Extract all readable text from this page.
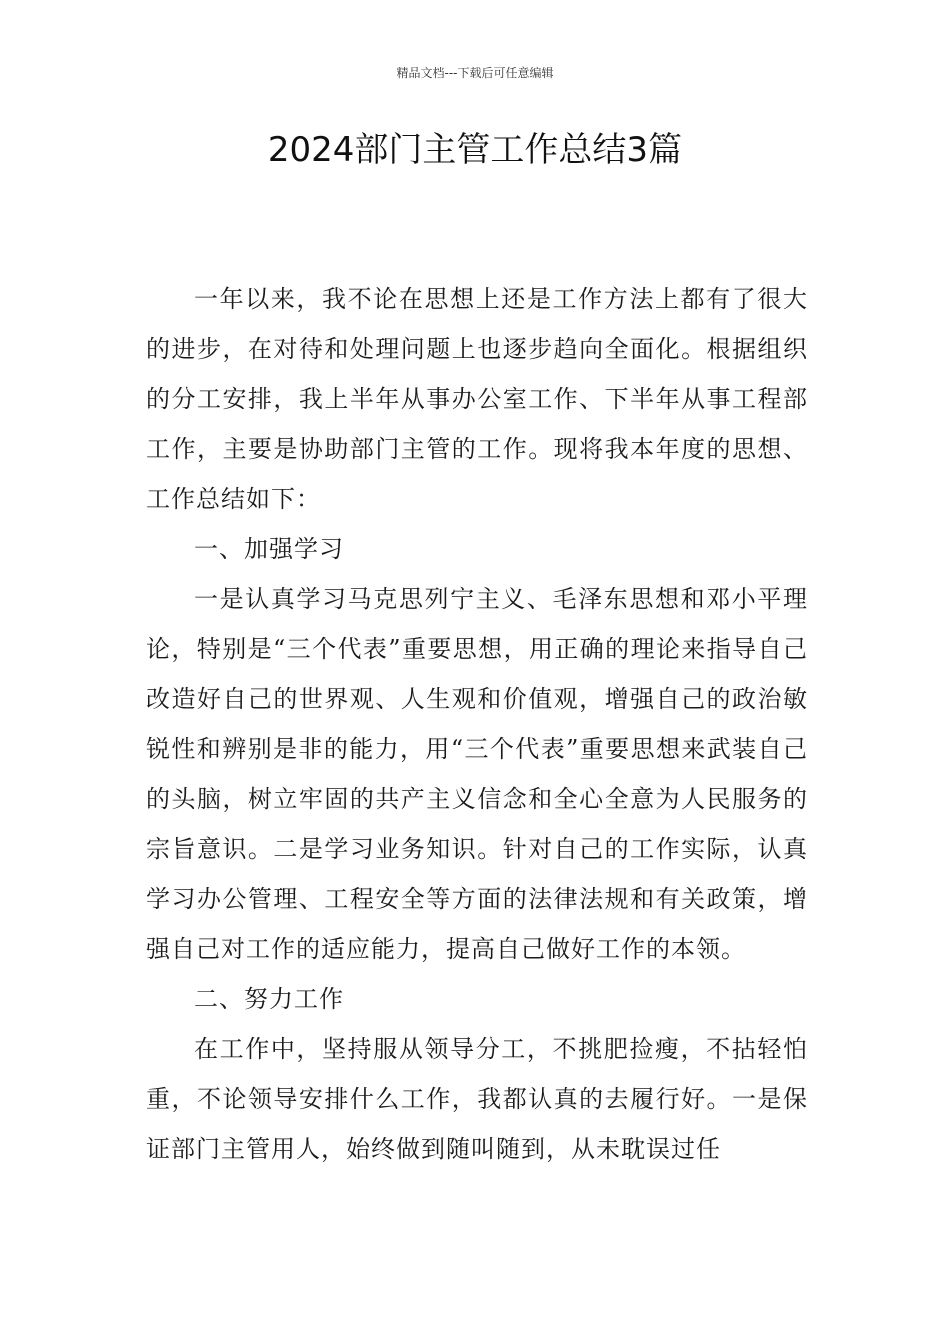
精品文档---下载后可任意编辑
2024部门主管工作总结3篇

一年以来，我不论在思想上还是工作方法上都有了很大的进步，在对待和处理问题上也逐步趋向全面化。根据组织的分工安排，我上半年从事办公室工作、下半年从事工程部工作，主要是协助部门主管的工作。现将我本年度的思想、工作总结如下：

一、加强学习

一是认真学习马克思列宁主义、毛泽东思想和邓小平理论，特别是“三个代表”重要思想，用正确的理论来指导自己改造好自己的世界观、人生观和价值观，增强自己的政治敏锐性和辨别是非的能力，用“三个代表”重要思想来武装自己的头脑，树立牢固的共产主义信念和全心全意为人民服务的宗旨意识。二是学习业务知识。针对自己的工作实际，认真学习办公管理、工程安全等方面的法律法规和有关政策，增强自己对工作的适应能力，提高自己做好工作的本领。

二、努力工作

在工作中，坚持服从领导分工，不挑肥捡瘦，不拈轻怕重，不论领导安排什么工作，我都认真的去履行好。一是保证部门主管用人，始终做到随叫随到，从未耽误过任
